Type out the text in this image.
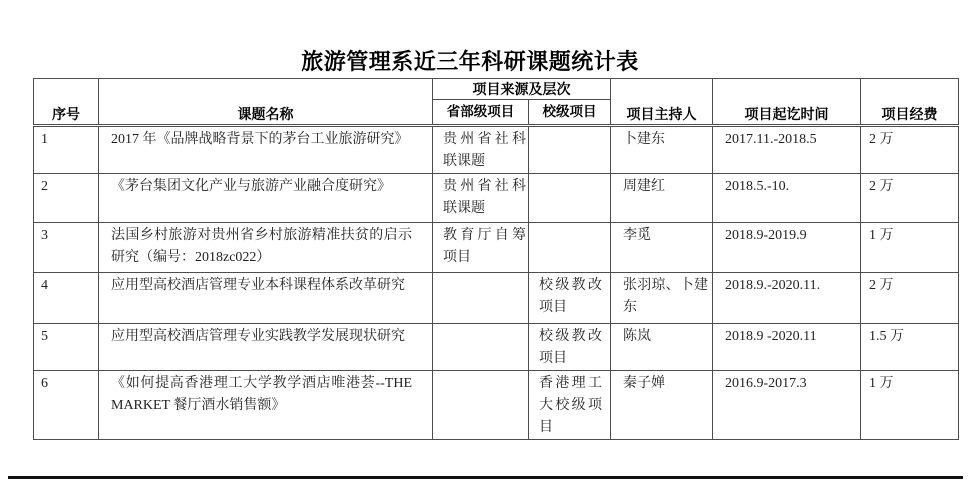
旅游管理系近三年科研课题统计表
序号	课题名称	项目来源及层次		项目主持人	项目起讫时间	项目经费
		省部级项目	校级项目			
1	2017 年《品牌战略背景下的茅台工业旅游研究》	贵州省社科联课题		卜建东	2017.11.-2018.5	2 万
2	《茅台集团文化产业与旅游产业融合度研究》	贵州省社科联课题		周建红	2018.5.-10.	2 万
3	法国乡村旅游对贵州省乡村旅游精准扶贫的启示研究（编号：2018zc022）	教育厅自筹项目		李觅	2018.9-2019.9	1 万
4	应用型高校酒店管理专业本科课程体系改革研究		校级教改项目	张羽琼、卜建东	2018.9.-2020.11.	2 万
5	应用型高校酒店管理专业实践教学发展现状研究		校级教改项目	陈岚	2018.9 -2020.11	1.5 万
6	《如何提高香港理工大学教学酒店唯港荟--THE MARKET 餐厅酒水销售额》		香港理工大校级项目	秦子婵	2016.9-2017.3	1 万
